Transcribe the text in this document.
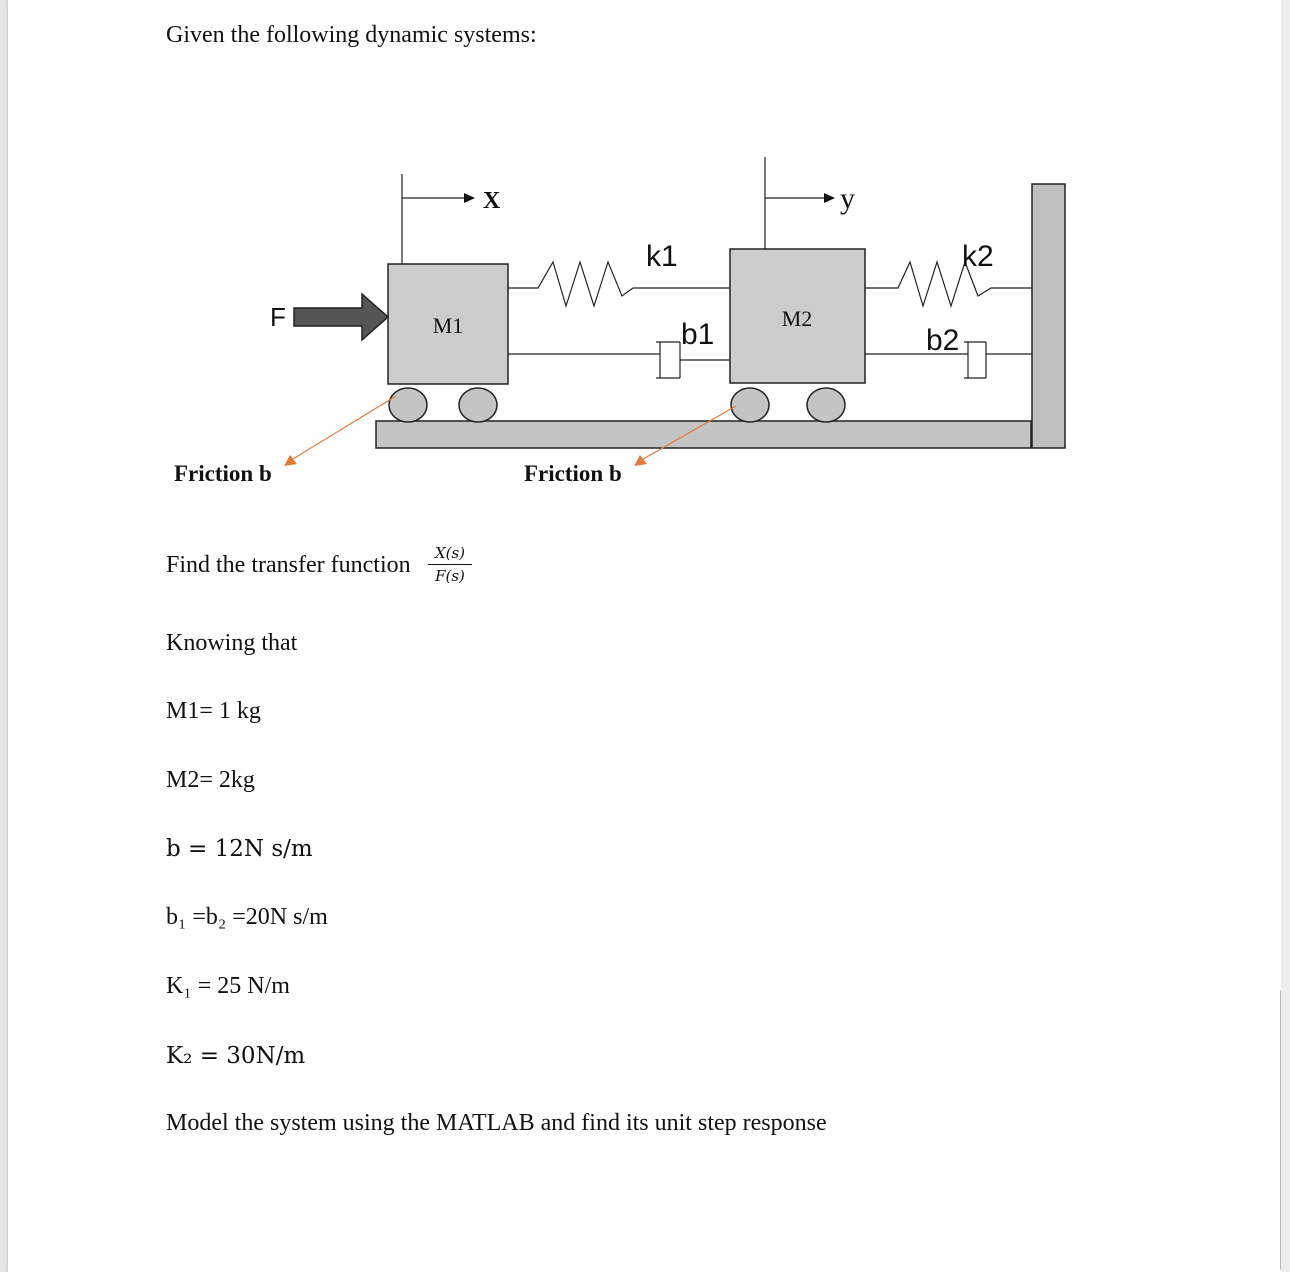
Given the following dynamic systems:
M1	M2
F
X	y
k1
b1
k2
b2
Friction b	Friction b
Find the transfer function $\frac{X(s)}{F(s)}$
Knowing that
M1= 1 kg
M2= 2kg
b = 12N s/m
b₁ =b₂ =20N s/m
K₁ = 25 N/m
K₂ = 30N/m
Model the system using the MATLAB and find its unit step response
